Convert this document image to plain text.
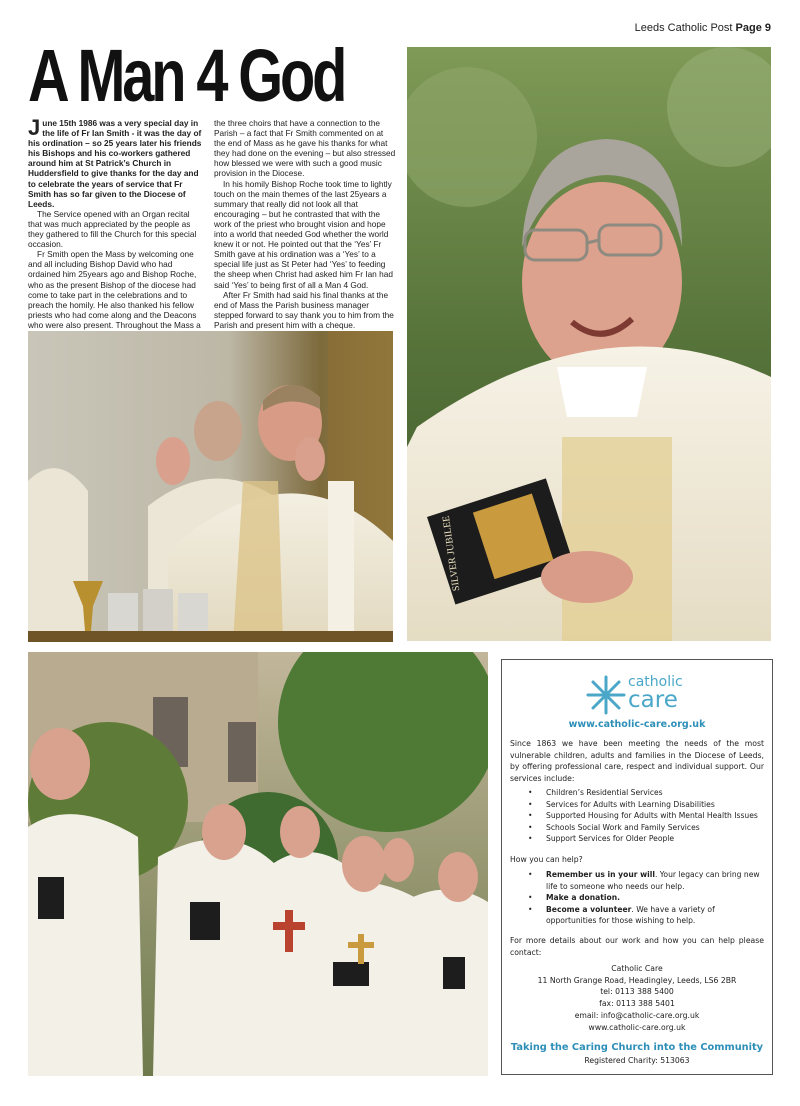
Leeds Catholic Post Page 9
A Man 4 God

June 15th 1986 was a very special day in the life of Fr Ian Smith - it was the day of his ordination – so 25 years later his friends his Bishops and his co-workers gathered around him at St Patrick’s Church in Huddersfield to give thanks for the day and to celebrate the years of service that Fr Smith has so far given to the Diocese of Leeds.

The Service opened with an Organ recital that was much appreciated by the people as they gathered to fill the Church for this special occasion.

Fr Smith open the Mass by welcoming one and all including Bishop David who had ordained him 25years ago and Bishop Roche, who as the present Bishop of the diocese had come to take part in the celebrations and to preach the homily. He also thanked his fellow priests who had come along and the Deacons who were also present. Throughout the Mass a

the three choirs that have a connection to the Parish – a fact that Fr Smith commented on at the end of Mass as he gave his thanks for what they had done on the evening – but also stressed how blessed we were with such a good music provision in the Diocese.

In his homily Bishop Roche took time to lightly touch on the main themes of the last 25years a summary that really did not look all that encouraging – but he contrasted that with the work of the priest who brought vision and hope into a world that needed God whether the world knew it or not. He pointed out that the ‘Yes’ Fr Smith gave at his ordination was a ‘Yes’ to a special life just as St Peter had ‘Yes’ to feeding the sheep when Christ had asked him Fr Ian had said ‘Yes’ to being first of all a Man 4 God.

After Fr Smith had said his final thanks at the end of Mass the Parish business manager stepped forward to say thank you to him from the Parish and present him with a cheque.

SILVER JUBILEE
catholic
care
www.catholic-care.org.uk
Since 1863 we have been meeting the needs of the most vulnerable children, adults and families in the Diocese of Leeds, by offering professional care, respect and individual support. Our services include:
• Children’s Residential Services
• Services for Adults with Learning Disabilities
• Supported Housing for Adults with Mental Health Issues
• Schools Social Work and Family Services
• Support Services for Older People
How you can help?
• Remember us in your will. Your legacy can bring new life to someone who needs our help.
• Make a donation.
• Become a volunteer. We have a variety of opportunities for those wishing to help.
For more details about our work and how you can help please contact:
Catholic Care
11 North Grange Road, Headingley, Leeds, LS6 2BR
tel: 0113 388 5400
fax: 0113 388 5401
email: info@catholic-care.org.uk
www.catholic-care.org.uk
Taking the Caring Church into the Community
Registered Charity: 513063
